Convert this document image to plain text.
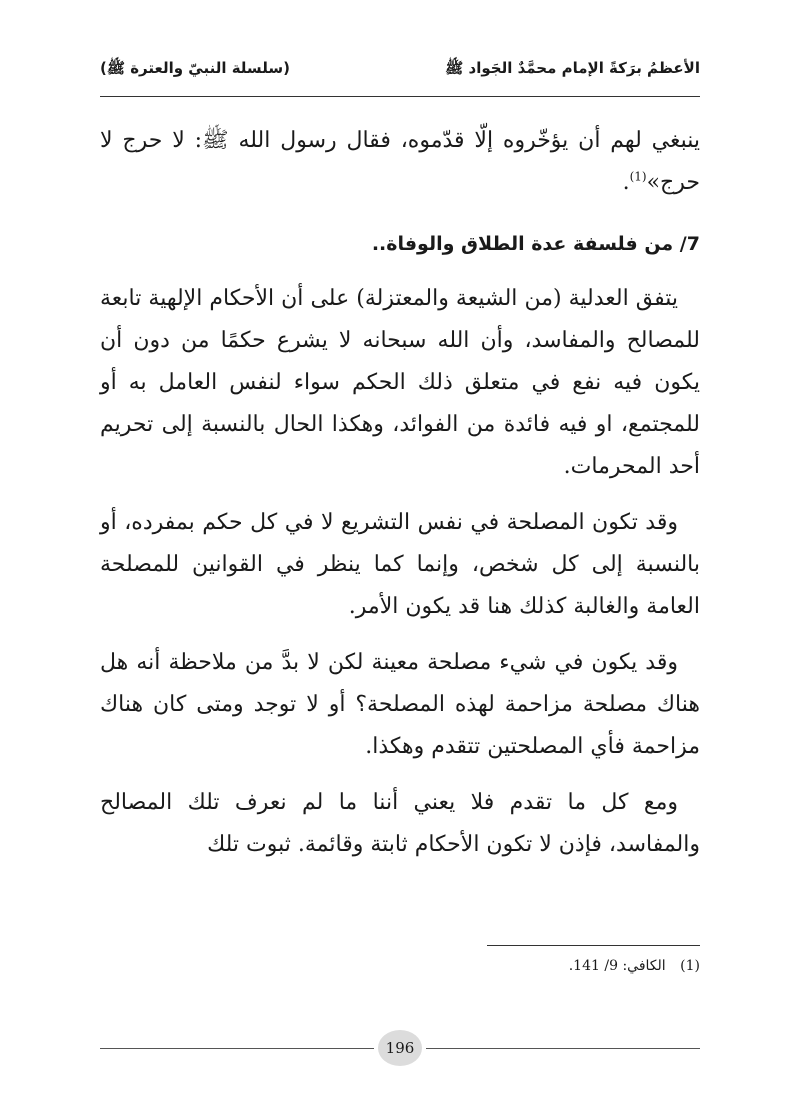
(سلسلة النبيّ والعترة ﷺ)	الأعظمُ برَكةً الإمام محمَّدٌ الجَواد ﷺ

ينبغي لهم أن يؤخّروه إلّا قدّموه، فقال رسول الله ﷺ: لا حرج لا حرج»$^{(1)}$.

7/ من فلسفة عدة الطلاق والوفاة..

يتفق العدلية (من الشيعة والمعتزلة) على أن الأحكام الإلهية تابعة للمصالح والمفاسد، وأن الله سبحانه لا يشرع حكمًا من دون أن يكون فيه نفع في متعلق ذلك الحكم سواء لنفس العامل به أو للمجتمع، او فيه فائدة من الفوائد، وهكذا الحال بالنسبة إلى تحريم أحد المحرمات.

وقد تكون المصلحة في نفس التشريع لا في كل حكم بمفرده، أو بالنسبة إلى كل شخص، وإنما كما ينظر في القوانين للمصلحة العامة والغالبة كذلك هنا قد يكون الأمر.

وقد يكون في شيء مصلحة معينة لكن لا بدَّ من ملاحظة أنه هل هناك مصلحة مزاحمة لهذه المصلحة؟ أو لا توجد ومتى كان هناك مزاحمة فأي المصلحتين تتقدم وهكذا.

ومع كل ما تقدم فلا يعني أننا ما لم نعرف تلك المصالح والمفاسد، فإذن لا تكون الأحكام ثابتة وقائمة. ثبوت تلك

(1) الكافي: 9/ 141.
196
